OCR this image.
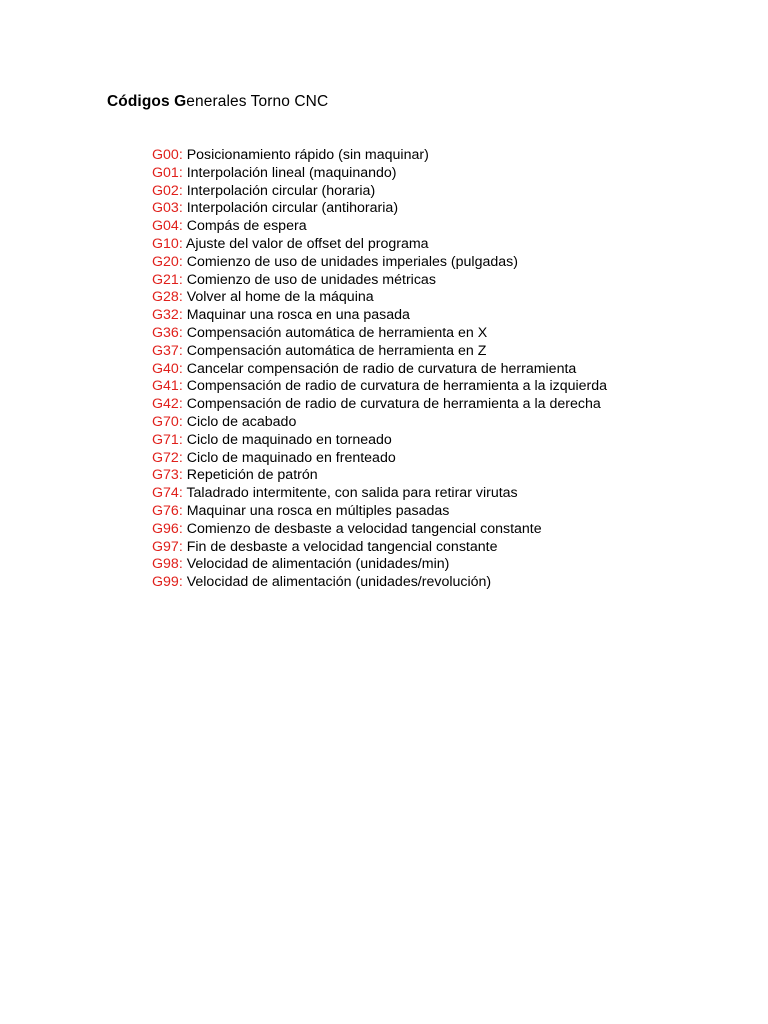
Códigos Generales Torno CNC
G00: Posicionamiento rápido (sin maquinar)
G01: Interpolación lineal (maquinando)
G02: Interpolación circular (horaria)
G03: Interpolación circular (antihoraria)
G04: Compás de espera
G10: Ajuste del valor de offset del programa
G20: Comienzo de uso de unidades imperiales (pulgadas)
G21: Comienzo de uso de unidades métricas
G28: Volver al home de la máquina
G32: Maquinar una rosca en una pasada
G36: Compensación automática de herramienta en X
G37: Compensación automática de herramienta en Z
G40: Cancelar compensación de radio de curvatura de herramienta
G41: Compensación de radio de curvatura de herramienta a la izquierda
G42: Compensación de radio de curvatura de herramienta a la derecha
G70: Ciclo de acabado
G71: Ciclo de maquinado en torneado
G72: Ciclo de maquinado en frenteado
G73: Repetición de patrón
G74: Taladrado intermitente, con salida para retirar virutas
G76: Maquinar una rosca en múltiples pasadas
G96: Comienzo de desbaste a velocidad tangencial constante
G97: Fin de desbaste a velocidad tangencial constante
G98: Velocidad de alimentación (unidades/min)
G99: Velocidad de alimentación (unidades/revolución)
